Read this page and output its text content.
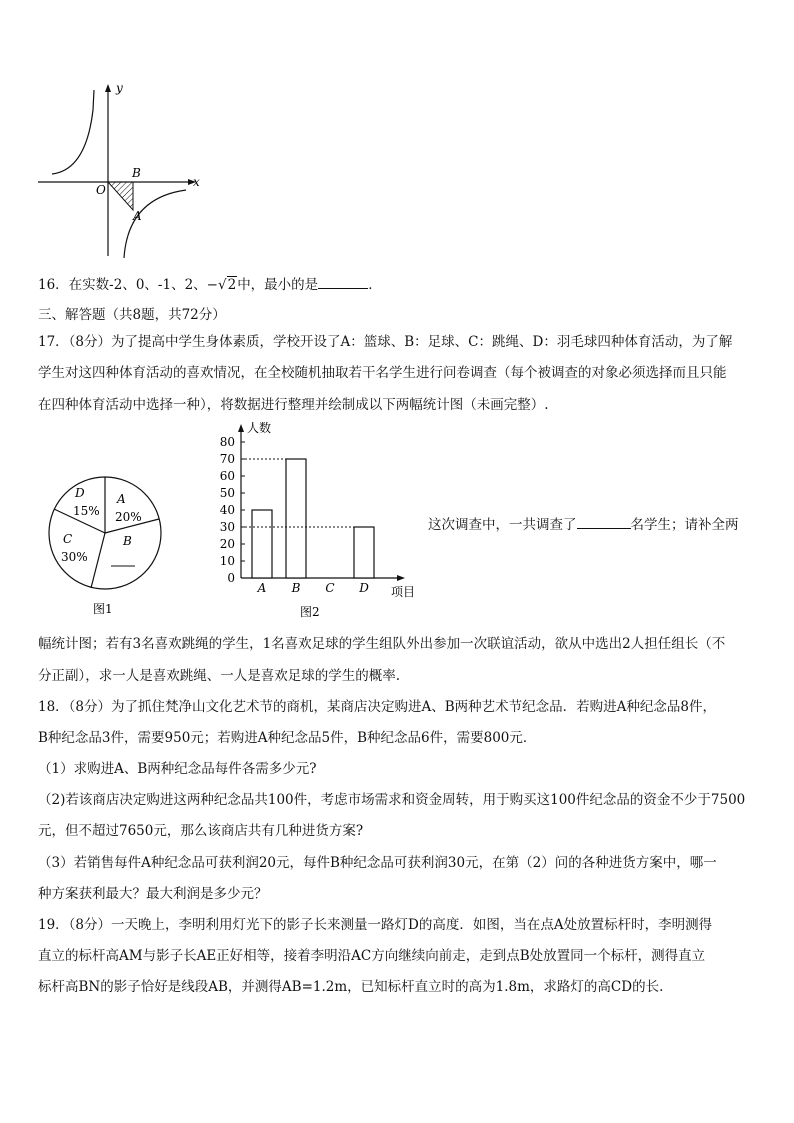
y
x
O
B
A
16．在实数-2、0、-1、2、−√2中，最小的是	．
三、解答题（共8题，共72分）
17．（8分）为了提高中学生身体素质，学校开设了A：篮球、B：足球、C：跳绳、D：羽毛球四种体育活动，为了解
学生对这四种体育活动的喜欢情况，在全校随机抽取若干名学生进行问卷调查（每个被调查的对象必须选择而且只能
在四种体育活动中选择一种），将数据进行整理并绘制成以下两幅统计图（未画完整）.
D
15%
A
20%
B
C
30%
图1
0
10
20
30
40
50
60
70
80
人数
项目
A B C D
图2
这次调查中，一共调查了	名学生；请补全两
幅统计图；若有3名喜欢跳绳的学生，1名喜欢足球的学生组队外出参加一次联谊活动，欲从中选出2人担任组长（不
分正副），求一人是喜欢跳绳、一人是喜欢足球的学生的概率.
18．（8分）为了抓住梵净山文化艺术节的商机，某商店决定购进A、B两种艺术节纪念品．若购进A种纪念品8件，
B种纪念品3件，需要950元；若购进A种纪念品5件，B种纪念品6件，需要800元．
（1）求购进A、B两种纪念品每件各需多少元?
（2)若该商店决定购进这两种纪念品共100件，考虑市场需求和资金周转，用于购买这100件纪念品的资金不少于7500
元，但不超过7650元，那么该商店共有几种进货方案?
（3）若销售每件A种纪念品可获利润20元，每件B种纪念品可获利润30元，在第（2）问的各种进货方案中，哪一
种方案获利最大？最大利润是多少元？
19．（8分）一天晚上，李明利用灯光下的影子长来测量一路灯D的高度．如图，当在点A处放置标杆时，李明测得
直立的标杆高AM与影子长AE正好相等，接着李明沿AC方向继续向前走，走到点B处放置同一个标杆，测得直立
标杆高BN的影子恰好是线段AB，并测得AB=1.2m，已知标杆直立时的高为1.8m，求路灯的高CD的长.
